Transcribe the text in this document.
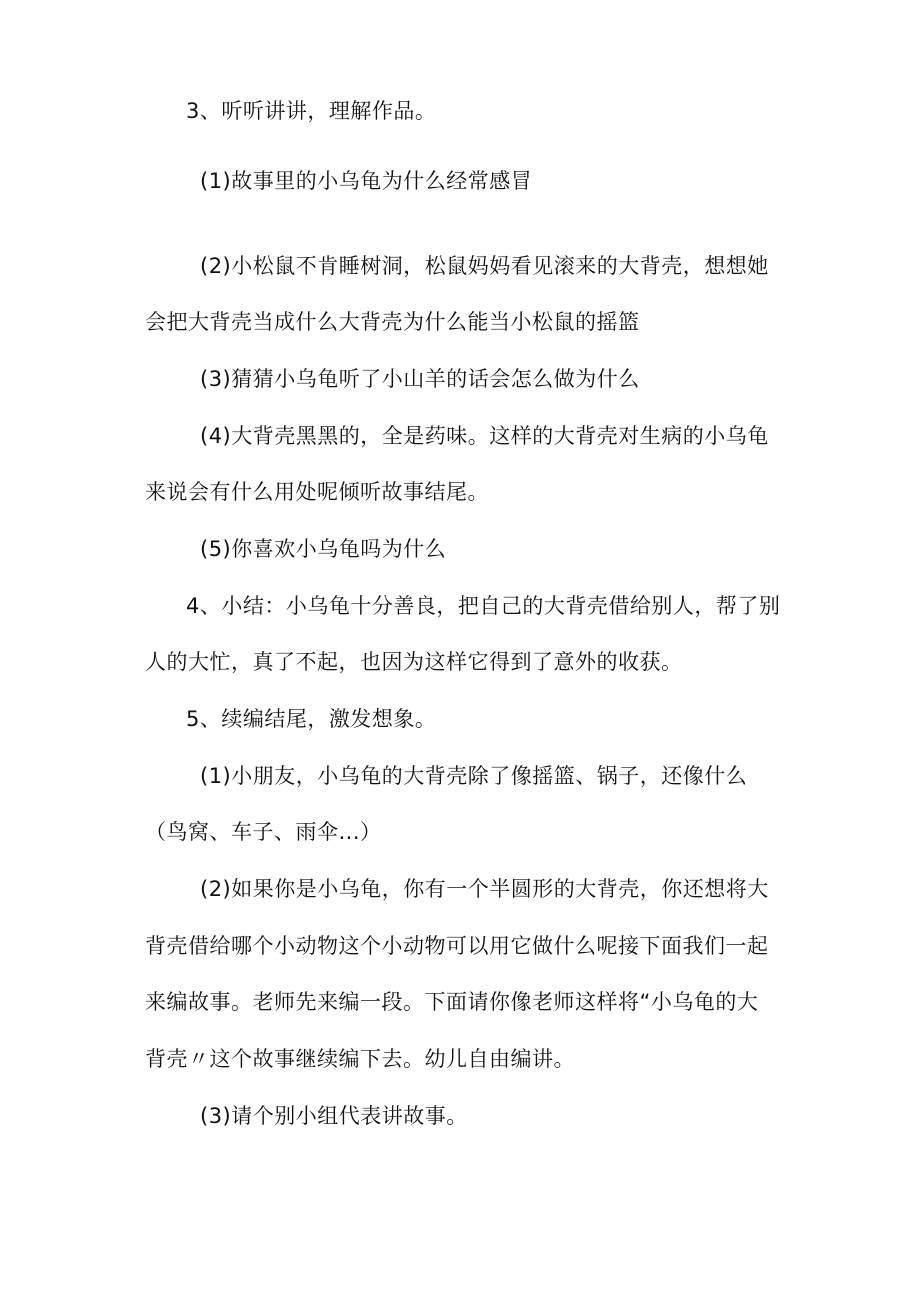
3、听听讲讲，理解作品。
(1)故事里的小乌龟为什么经常感冒
(2)小松鼠不肯睡树洞，松鼠妈妈看见滚来的大背壳，想想她
会把大背壳当成什么大背壳为什么能当小松鼠的摇篮
(3)猜猜小乌龟听了小山羊的话会怎么做为什么
(4)大背壳黑黑的，全是药味。这样的大背壳对生病的小乌龟
来说会有什么用处呢倾听故事结尾。
(5)你喜欢小乌龟吗为什么
4、小结：小乌龟十分善良，把自己的大背壳借给别人，帮了别
人的大忙，真了不起，也因为这样它得到了意外的收获。
5、续编结尾，激发想象。
(1)小朋友，小乌龟的大背壳除了像摇篮、锅子，还像什么
（鸟窝、车子、雨伞...）
(2)如果你是小乌龟，你有一个半圆形的大背壳，你还想将大
背壳借给哪个小动物这个小动物可以用它做什么呢接下面我们一起
来编故事。老师先来编一段。下面请你像老师这样将“小乌龟的大
背壳〃这个故事继续编下去。幼儿自由编讲。
(3)请个别小组代表讲故事。
